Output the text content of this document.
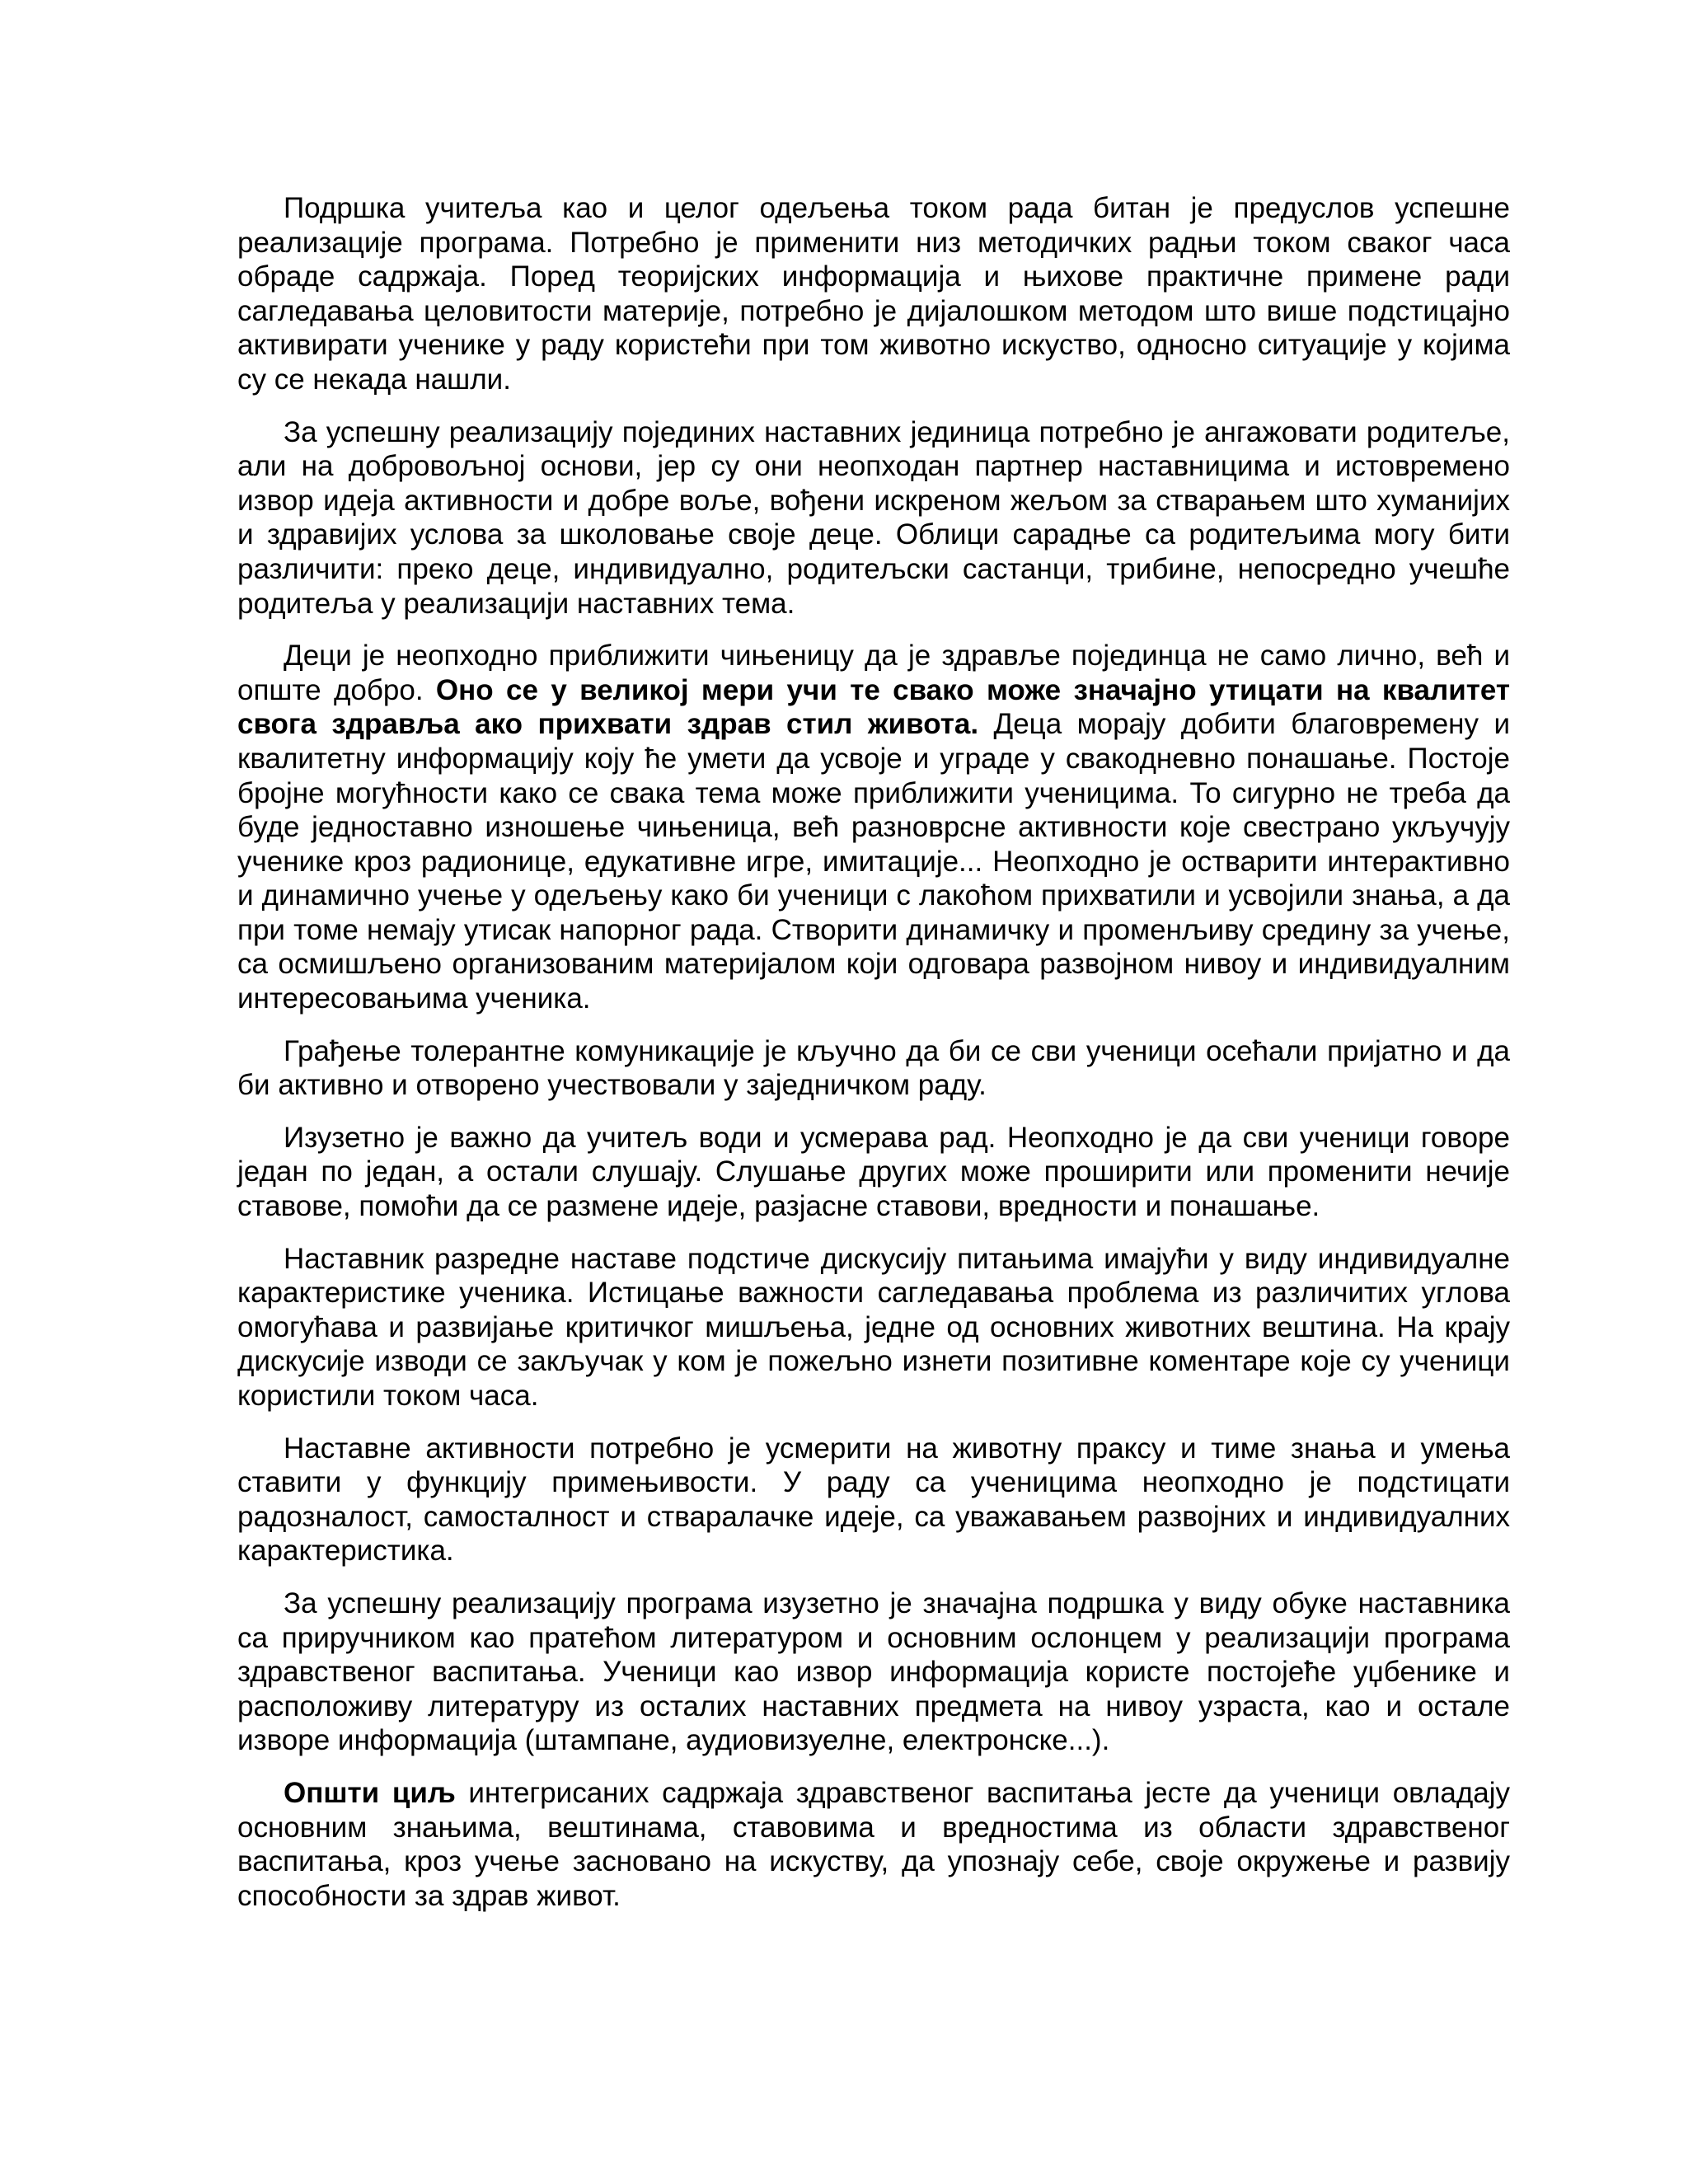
Подршка учитеља као и целог одељења током рада битан је предуслов успешне реализације програма. Потребно је применити низ методичких радњи током сваког часа обраде садржаја. Поред теоријских информација и њихове практичне примене ради сагледавања целовитости материје, потребно је дијалошком методом што више подстицајно активирати ученике у раду користећи при том животно искуство, односно ситуације у којима су се некада нашли.

За успешну реализацију појединих наставних јединица потребно је ангажовати родитеље, али на добровољној основи, јер су они неопходан партнер наставницима и истовремено извор идеја активности и добре воље, вођени искреном жељом за стварањем што хуманијих и здравијих услова за школовање своје деце. Облици сарадње са родитељима могу бити различити: преко деце, индивидуално, родитељски састанци, трибине, непосредно учешће родитеља у реализацији наставних тема.

Деци је неопходно приближити чињеницу да је здравље појединца не само лично, већ и опште добро. Оно се у великој мери учи те свако може значајно утицати на квалитет свога здравља ако прихвати здрав стил живота. Деца морају добити благовремену и квалитетну информацију коју ће умети да усвоје и уграде у свакодневно понашање. Постоје бројне могућности како се свака тема може приближити ученицима. То сигурно не треба да буде једноставно изношење чињеница, већ разноврсне активности које свестрано укључују ученике кроз радионице, едукативне игре, имитације... Неопходно је остварити интерактивно и динамично учење у одељењу како би ученици с лакоћом прихватили и усвојили знања, а да при томе немају утисак напорног рада. Створити динамичку и променљиву средину за учење, са осмишљено организованим материјалом који одговара развојном нивоу и индивидуалним интересовањима ученика.

Грађење толерантне комуникације је кључно да би се сви ученици осећали пријатно и да би активно и отворено учествовали у заједничком раду.

Изузетно је важно да учитељ води и усмерава рад. Неопходно је да сви ученици говоре један по један, а остали слушају. Слушање других може проширити или променити нечије ставове, помоћи да се размене идеје, разјасне ставови, вредности и понашање.

Наставник разредне наставе подстиче дискусију питањима имајући у виду индивидуалне карактеристике ученика. Истицање важности сагледавања проблема из различитих углова омогућава и развијање критичког мишљења, једне од основних животних вештина. На крају дискусије изводи се закључак у ком је пожељно изнети позитивне коментаре које су ученици користили током часа.

Наставне активности потребно је усмерити на животну праксу и тиме знања и умења ставити у функцију примењивости. У раду са ученицима неопходно је подстицати радозналост, самосталност и стваралачке идеје, са уважавањем развојних и индивидуалних карактеристика.

За успешну реализацију програма изузетно је значајна подршка у виду обуке наставника са приручником као пратећом литературом и основним ослонцем у реализацији програма здравственог васпитања. Ученици као извор информација користе постојеће уџбенике и расположиву литературу из осталих наставних предмета на нивоу узраста, као и остале изворе информација (штампане, аудиовизуелне, електронске...).

Општи циљ интегрисаних садржаја здравственог васпитања јесте да ученици овладају основним знањима, вештинама, ставовима и вредностима из области здравственог васпитања, кроз учење засновано на искуству, да упознају себе, своје окружење и развију способности за здрав живот.
